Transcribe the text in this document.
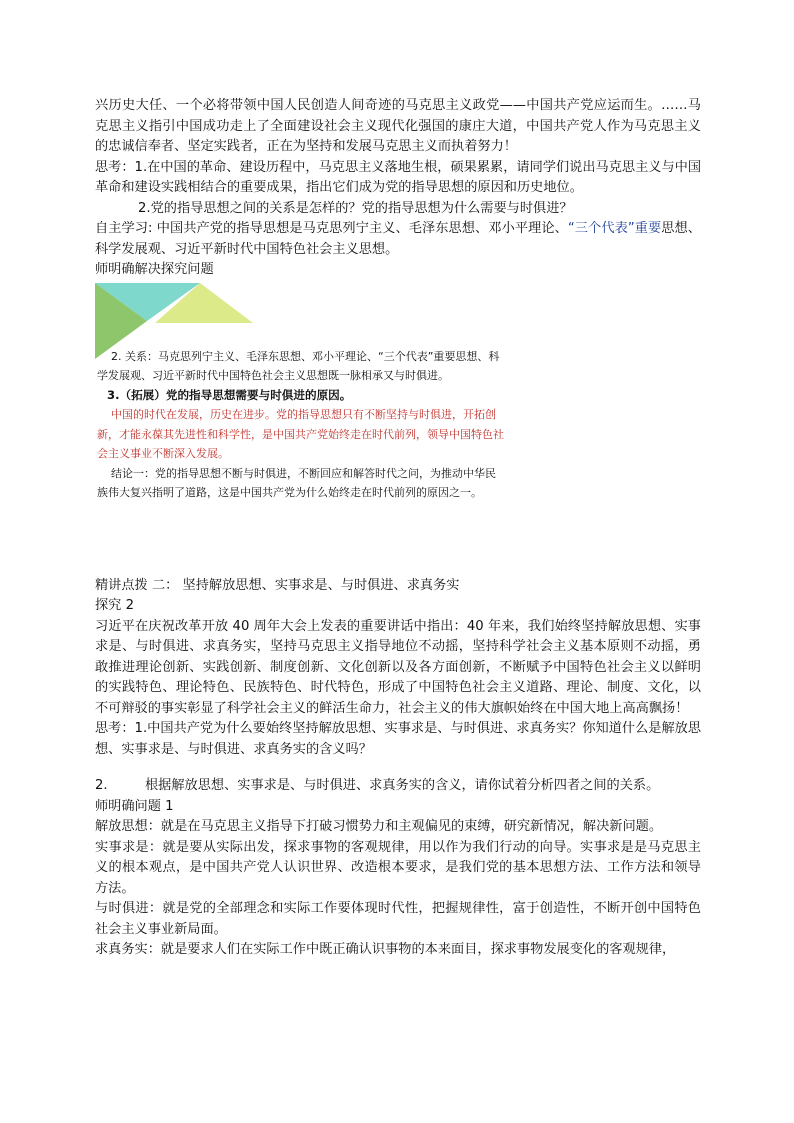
兴历史大任、一个必将带领中国人民创造人间奇迹的马克思主义政党——中国共产党应运而生。……马克思主义指引中国成功走上了全面建设社会主义现代化强国的康庄大道，中国共产党人作为马克思主义的忠诚信奉者、坚定实践者，正在为坚持和发展马克思主义而执着努力！

思考：1.在中国的革命、建设历程中，马克思主义落地生根，硕果累累，请同学们说出马克思主义与中国革命和建设实践相结合的重要成果，指出它们成为党的指导思想的原因和历史地位。

2.党的指导思想之间的关系是怎样的？党的指导思想为什么需要与时俱进？

自主学习: 中国共产党的指导思想是马克思列宁主义、毛泽东思想、邓小平理论、“三个代表”重要思想、科学发展观、习近平新时代中国特色社会主义思想。

师明确解决探究问题

2. 关系：马克思列宁主义、毛泽东思想、邓小平理论、“三个代表”重要思想、科学发展观、习近平新时代中国特色社会主义思想既一脉相承又与时俱进。

3.（拓展）党的指导思想需要与时俱进的原因。

中国的时代在发展，历史在进步。党的指导思想只有不断坚持与时俱进，开拓创新，才能永葆其先进性和科学性，是中国共产党始终走在时代前列，领导中国特色社会主义事业不断深入发展。

结论一：党的指导思想不断与时俱进，不断回应和解答时代之问，为推动中华民族伟大复兴指明了道路，这是中国共产党为什么始终走在时代前列的原因之一。

精讲点拨 二： 坚持解放思想、实事求是、与时俱进、求真务实

探究 2

习近平在庆祝改革开放 40 周年大会上发表的重要讲话中指出：40 年来，我们始终坚持解放思想、实事求是、与时俱进、求真务实，坚持马克思主义指导地位不动摇，坚持科学社会主义基本原则不动摇，勇敢推进理论创新、实践创新、制度创新、文化创新以及各方面创新，不断赋予中国特色社会主义以鲜明的实践特色、理论特色、民族特色、时代特色，形成了中国特色社会主义道路、理论、制度、文化，以不可辩驳的事实彰显了科学社会主义的鲜活生命力，社会主义的伟大旗帜始终在中国大地上高高飘扬！

思考：1.中国共产党为什么要始终坚持解放思想、实事求是、与时俱进、求真务实？你知道什么是解放思想、实事求是、与时俱进、求真务实的含义吗？

2.	根据解放思想、实事求是、与时俱进、求真务实的含义，请你试着分析四者之间的关系。

师明确问题 1

解放思想：就是在马克思主义指导下打破习惯势力和主观偏见的束缚，研究新情况，解决新问题。

实事求是：就是要从实际出发，探求事物的客观规律，用以作为我们行动的向导。实事求是是马克思主义的根本观点，是中国共产党人认识世界、改造根本要求，是我们党的基本思想方法、工作方法和领导方法。

与时俱进：就是党的全部理念和实际工作要体现时代性，把握规律性，富于创造性，不断开创中国特色社会主义事业新局面。

求真务实：就是要求人们在实际工作中既正确认识事物的本来面目，探求事物发展变化的客观规律，
